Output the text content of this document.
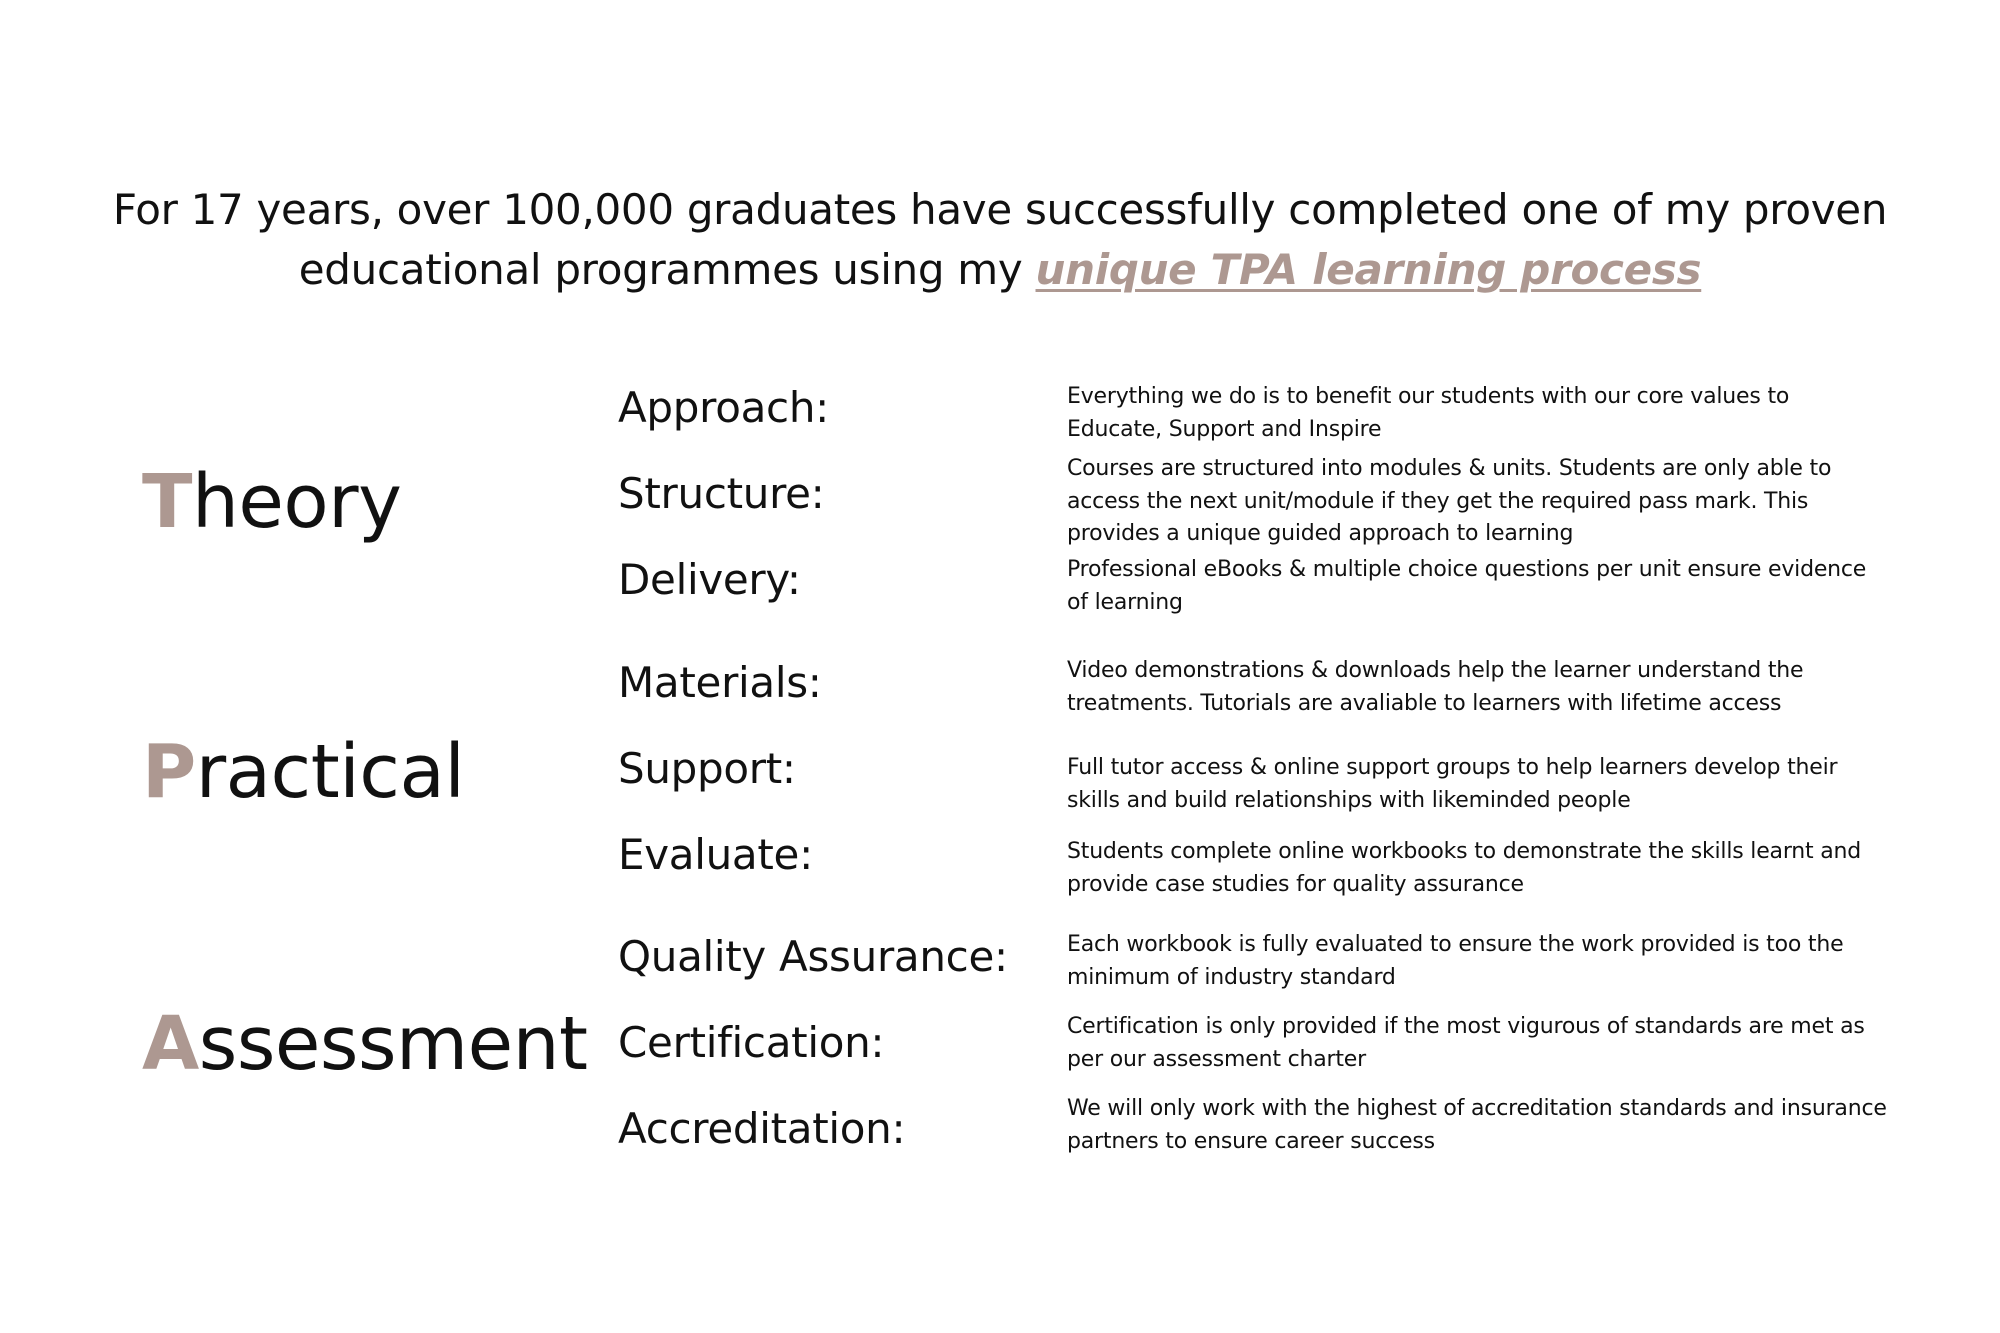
For 17 years, over 100,000 graduates have successfully completed one of my proven
educational programmes using my unique TPA learning process
Theory
Approach:	Everything we do is to benefit our students with our core values to Educate, Support and Inspire
Structure:
Courses are structured into modules & units. Students are only able to access the next unit/module if they get the required pass mark. This provides a unique guided approach to learning
Delivery:	Professional eBooks & multiple choice questions per unit ensure evidence of learning
Practical
Materials:	Video demonstrations & downloads help the learner understand the treatments. Tutorials are avaliable to learners with lifetime access
Support:	Full tutor access & online support groups to help learners develop their skills and build relationships with likeminded people
Evaluate:	Students complete online workbooks to demonstrate the skills learnt and provide case studies for quality assurance
Assessment
Quality Assurance:	Each workbook is fully evaluated to ensure the work provided is too the minimum of industry standard
Certification:	Certification is only provided if the most vigurous of standards are met as per our assessment charter
Accreditation:	We will only work with the highest of accreditation standards and insurance partners to ensure career success
